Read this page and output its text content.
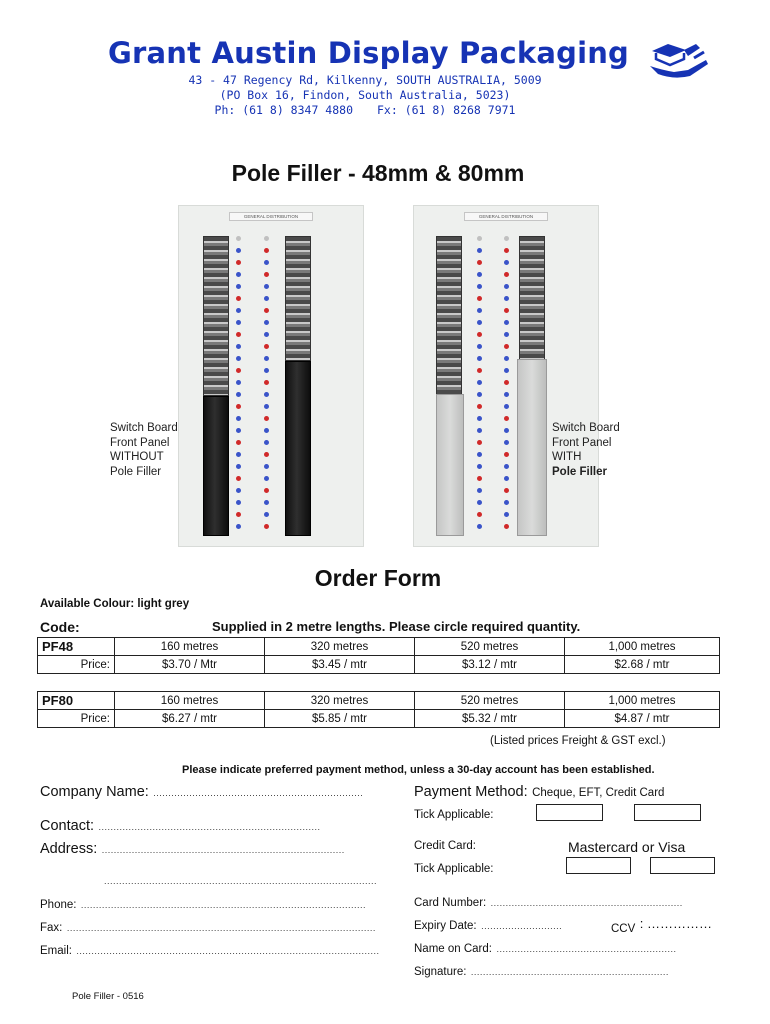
Grant Austin Display Packaging
43 - 47 Regency Rd, Kilkenny, SOUTH AUSTRALIA, 5009
(PO Box 16, Findon, South Australia, 5023)
Ph: (61 8) 8347 4880 Fx: (61 8) 8268 7971
Pole Filler - 48mm & 80mm
GENERAL DISTRIBUTION
Switch Board
Front Panel
WITHOUT
Pole Filler
GENERAL DISTRIBUTION
Switch Board
Front Panel
WITH
Pole Filler
Order Form
Available Colour: light grey
Code:	Supplied in 2 metre lengths. Please circle required quantity.
PF48	160 metres	320 metres	520 metres	1,000 metres
Price:	$3.70 / Mtr	$3.45 / mtr	$3.12 / mtr	$2.68 / mtr
PF80	160 metres	320 metres	520 metres	1,000 metres
Price:	$6.27 / mtr	$5.85 / mtr	$5.32 / mtr	$4.87 / mtr
(Listed prices Freight & GST excl.)
Please indicate preferred payment method, unless a 30-day account has been established.
Company Name: ......................................................................
Contact: ..........................................................................
Address: .................................................................................
...........................................................................................
Phone: ...............................................................................................
Fax: .......................................................................................................
Email: .....................................................................................................
Payment Method: Cheque, EFT, Credit Card
Tick Applicable:
Credit Card:	Mastercard or Visa
Tick Applicable:
Card Number: ................................................................
Expiry Date: ...........................	$_{CCV}$ : ……………
Name on Card: ............................................................
Signature: ..................................................................
Pole Filler - 0516
